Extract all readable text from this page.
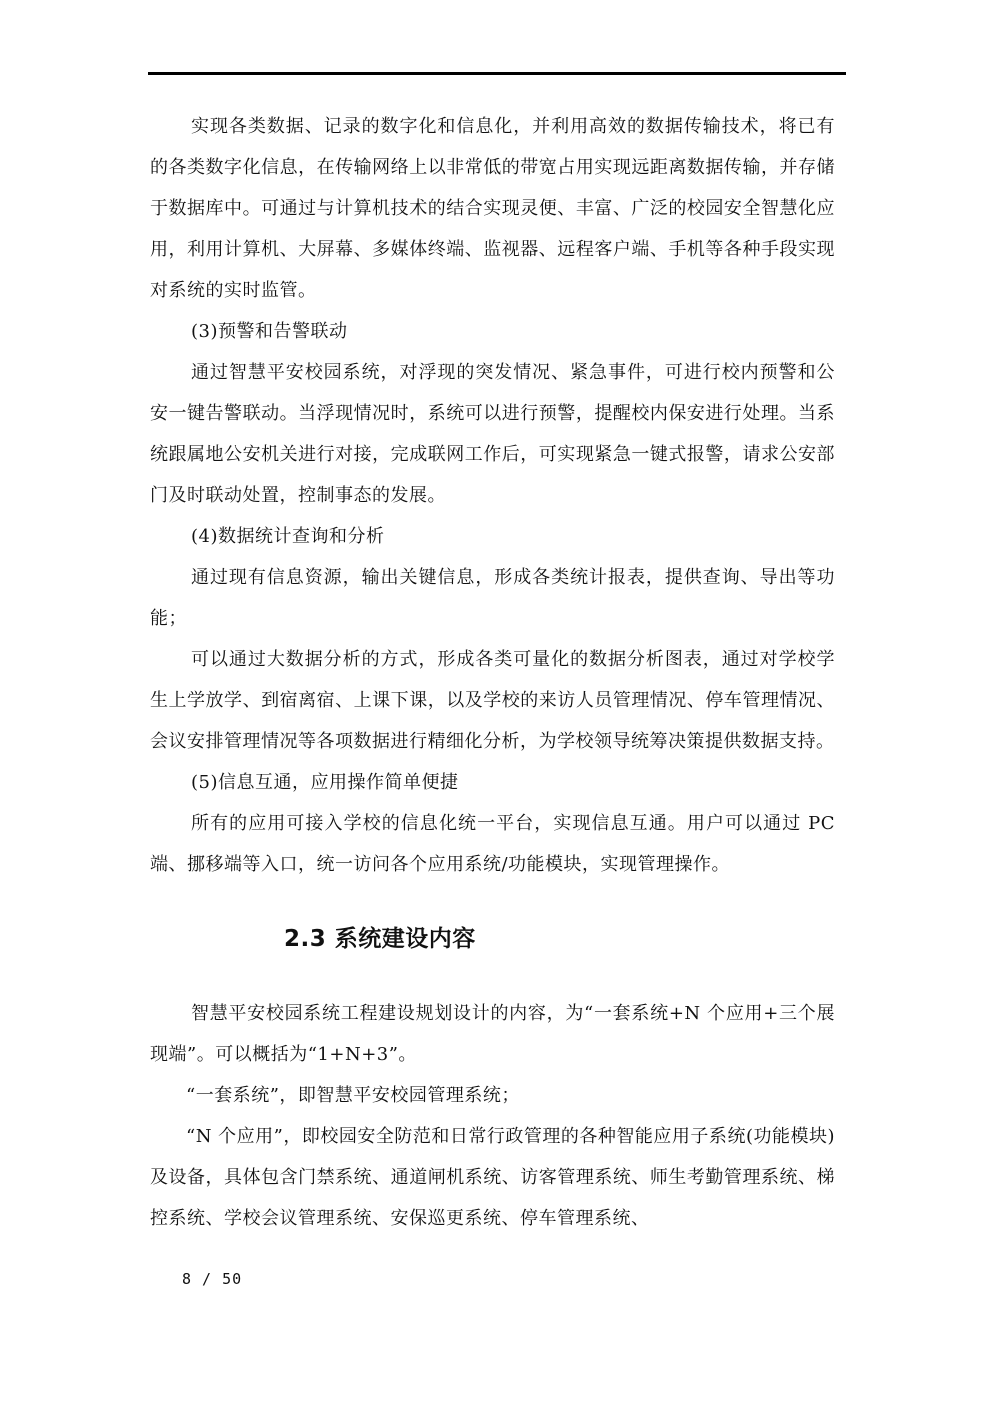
实现各类数据、记录的数字化和信息化，并利用高效的数据传输技术，将已有的各类数字化信息，在传输网络上以非常低的带宽占用实现远距离数据传输，并存储于数据库中。可通过与计算机技术的结合实现灵便、丰富、广泛的校园安全智慧化应用，利用计算机、大屏幕、多媒体终端、监视器、远程客户端、手机等各种手段实现对系统的实时监管。

(3)预警和告警联动

通过智慧平安校园系统，对浮现的突发情况、紧急事件，可进行校内预警和公安一键告警联动。当浮现情况时，系统可以进行预警，提醒校内保安进行处理。当系统跟属地公安机关进行对接，完成联网工作后，可实现紧急一键式报警，请求公安部门及时联动处置，控制事态的发展。

(4)数据统计查询和分析

通过现有信息资源，输出关键信息，形成各类统计报表，提供查询、导出等功能；

可以通过大数据分析的方式，形成各类可量化的数据分析图表，通过对学校学生上学放学、到宿离宿、上课下课，以及学校的来访人员管理情况、停车管理情况、会议安排管理情况等各项数据进行精细化分析，为学校领导统筹决策提供数据支持。

(5)信息互通，应用操作简单便捷

所有的应用可接入学校的信息化统一平台，实现信息互通。用户可以通过 PC 端、挪移端等入口，统一访问各个应用系统/功能模块，实现管理操作。

2.3 系统建设内容

智慧平安校园系统工程建设规划设计的内容，为“一套系统+N 个应用+三个展现端”。可以概括为“1+N+3”。

“一套系统”，即智慧平安校园管理系统；

“N 个应用”，即校园安全防范和日常行政管理的各种智能应用子系统(功能模块)及设备，具体包含门禁系统、通道闸机系统、访客管理系统、师生考勤管理系统、梯控系统、学校会议管理系统、安保巡更系统、停车管理系统、

8 / 50
